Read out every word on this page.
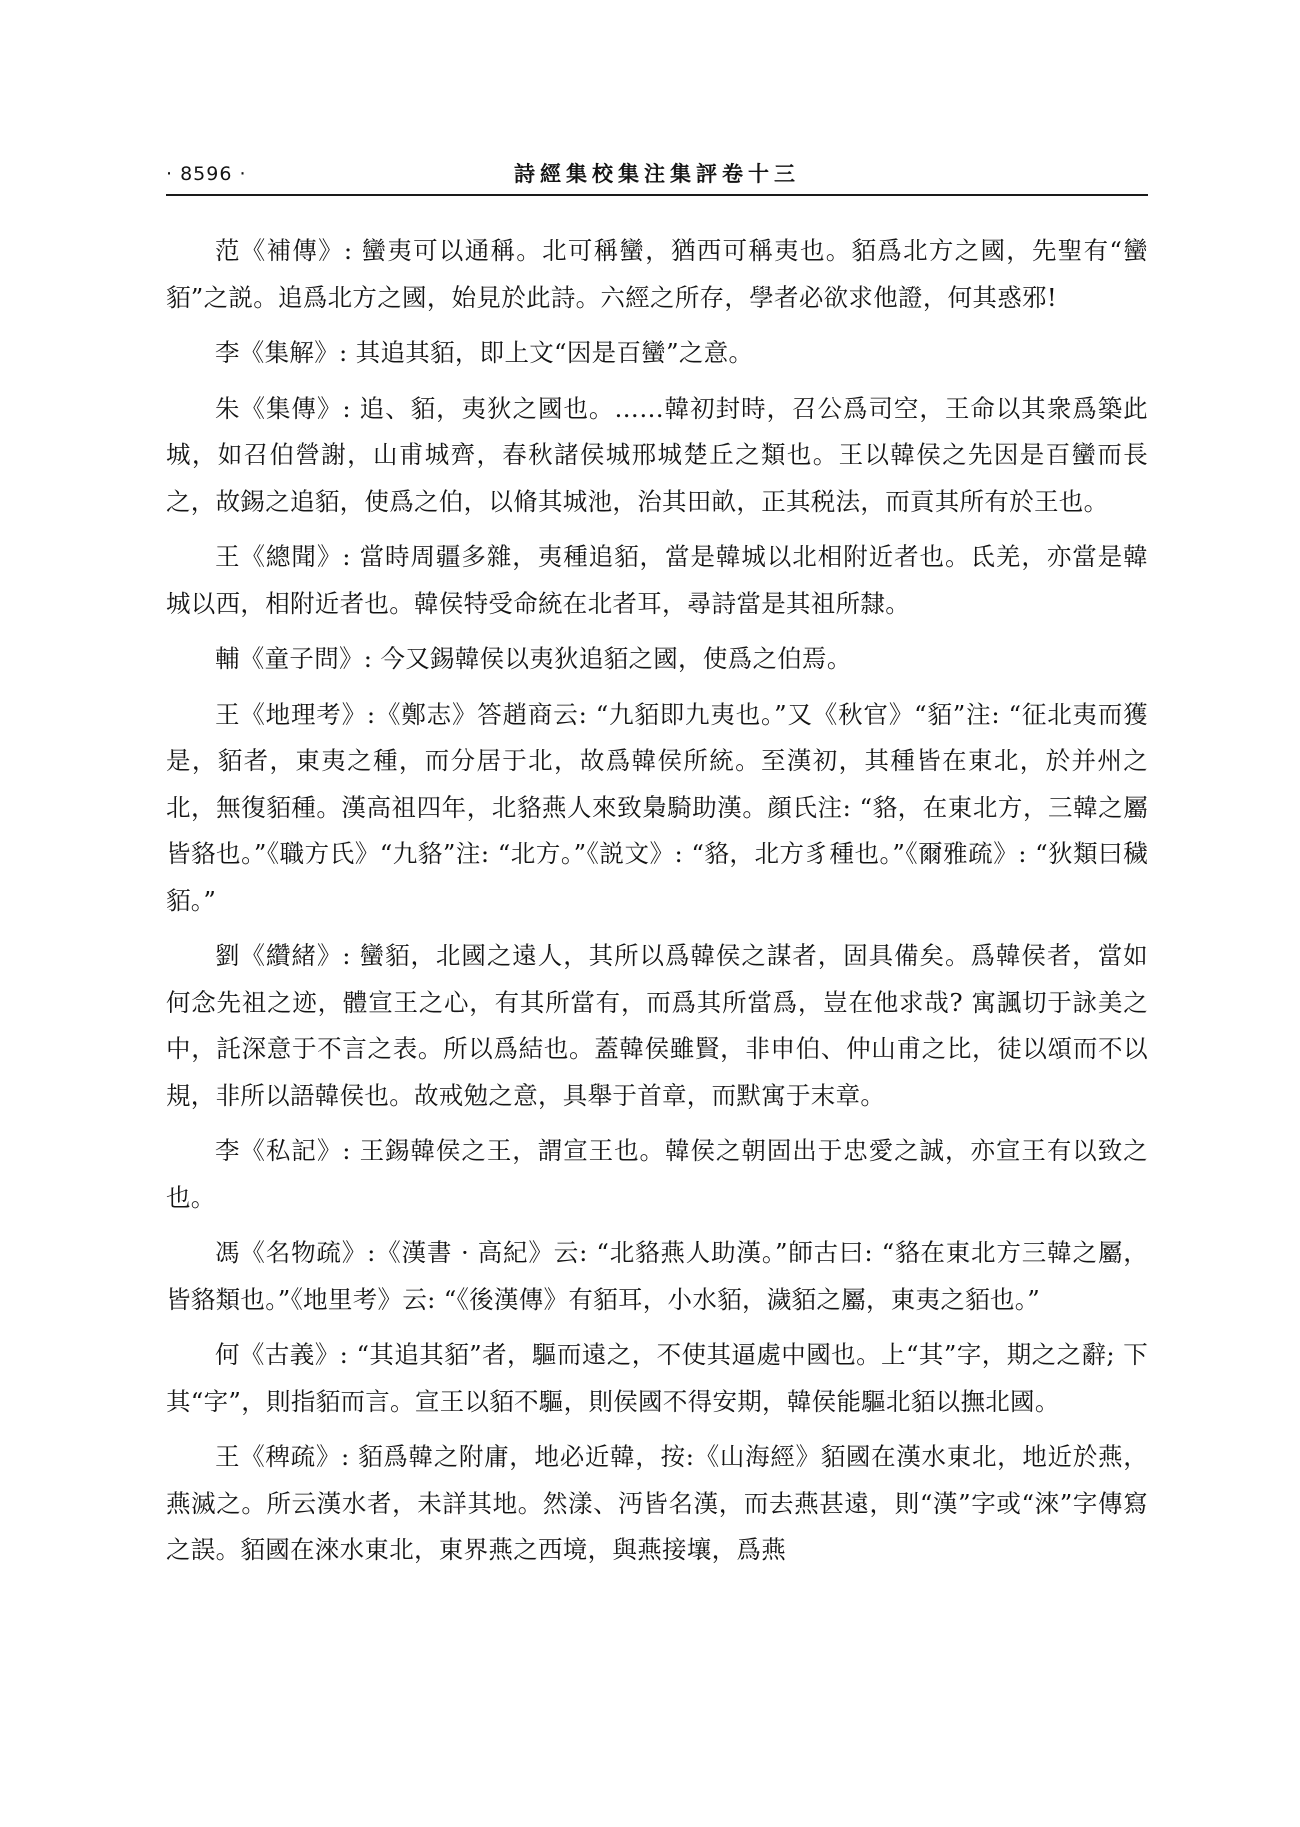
· 8596 ·	詩經集校集注集評卷十三

范《補傳》: 蠻夷可以通稱。北可稱蠻，猶西可稱夷也。貊爲北方之國，先聖有“蠻貊”之説。追爲北方之國，始見於此詩。六經之所存，學者必欲求他證，何其惑邪!

李《集解》: 其追其貊，即上文“因是百蠻”之意。

朱《集傳》: 追、貊，夷狄之國也。……韓初封時，召公爲司空，王命以其衆爲築此城，如召伯營謝，山甫城齊，春秋諸侯城邢城楚丘之類也。王以韓侯之先因是百蠻而長之，故錫之追貊，使爲之伯，以脩其城池，治其田畝，正其税法，而貢其所有於王也。

王《總聞》: 當時周疆多雜，夷種追貊，當是韓城以北相附近者也。氐羌，亦當是韓城以西，相附近者也。韓侯特受命統在北者耳，尋詩當是其祖所隸。

輔《童子問》: 今又錫韓侯以夷狄追貊之國，使爲之伯焉。

王《地理考》:《鄭志》答趙商云: “九貊即九夷也。”又《秋官》“貊”注: “征北夷而獲是，貊者，東夷之種，而分居于北，故爲韓侯所統。至漢初，其種皆在東北，於并州之北，無復貊種。漢高祖四年，北貉燕人來致梟騎助漢。顔氏注: “貉，在東北方，三韓之屬皆貉也。”《職方氏》“九貉”注: “北方。”《説文》: “貉，北方豸種也。”《爾雅疏》: “狄類曰穢貊。”

劉《纘緒》: 蠻貊，北國之遠人，其所以爲韓侯之謀者，固具備矣。爲韓侯者，當如何念先祖之迹，體宣王之心，有其所當有，而爲其所當爲，豈在他求哉? 寓諷切于詠美之中，託深意于不言之表。所以爲結也。蓋韓侯雖賢，非申伯、仲山甫之比，徒以頌而不以規，非所以語韓侯也。故戒勉之意，具舉于首章，而默寓于末章。

李《私記》: 王錫韓侯之王，謂宣王也。韓侯之朝固出于忠愛之誠，亦宣王有以致之也。

馮《名物疏》:《漢書 · 高紀》云: “北貉燕人助漢。”師古曰: “貉在東北方三韓之屬，皆貉類也。”《地里考》云: “《後漢傳》有貊耳，小水貊，濊貊之屬，東夷之貊也。”

何《古義》: “其追其貊”者，驅而遠之，不使其逼處中國也。上“其”字，期之之辭; 下其“字”，則指貊而言。宣王以貊不驅，則侯國不得安期，韓侯能驅北貊以撫北國。

王《稗疏》: 貊爲韓之附庸，地必近韓，按:《山海經》貊國在漢水東北，地近於燕，燕滅之。所云漢水者，未詳其地。然漾、沔皆名漢，而去燕甚遠，則“漢”字或“淶”字傳寫之誤。貊國在淶水東北，東界燕之西境，與燕接壤，爲燕
